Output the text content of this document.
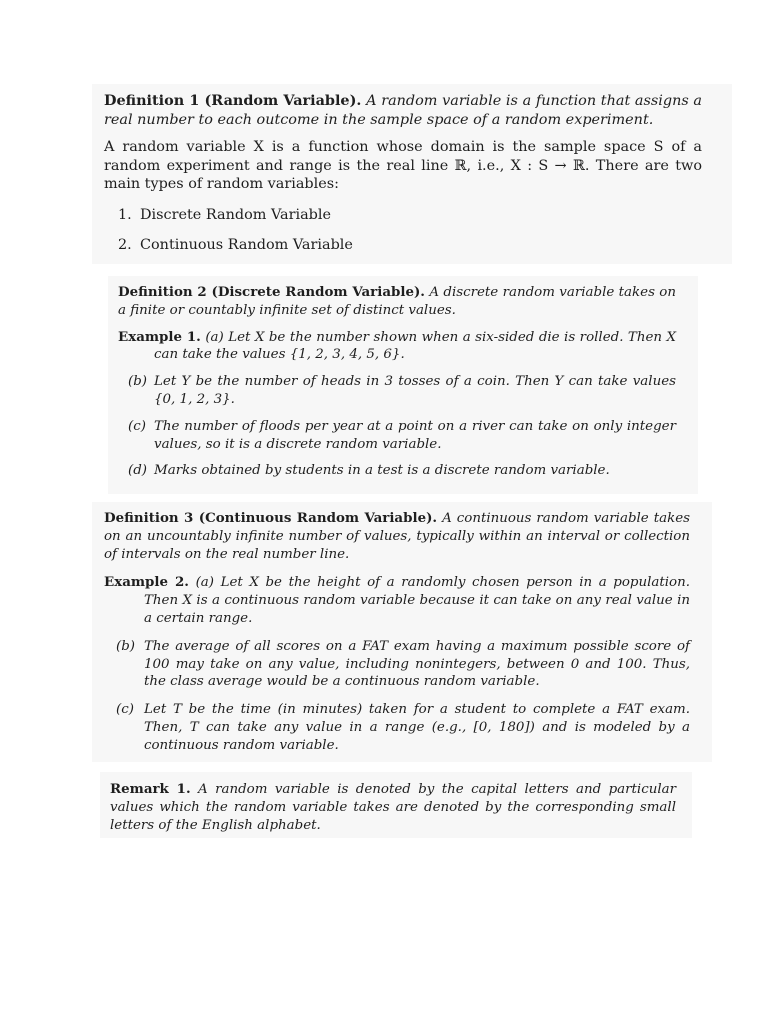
Definition 1 (Random Variable). A random variable is a function that assigns a real number to each outcome in the sample space of a random experiment.

A random variable X is a function whose domain is the sample space S of a random experiment and range is the real line ℝ, i.e., X : S → ℝ. There are two main types of random variables:

1. Discrete Random Variable
2. Continuous Random Variable

Definition 2 (Discrete Random Variable). A discrete random variable takes on a finite or countably infinite set of distinct values.

Example 1. (a) Let X be the number shown when a six-sided die is rolled. Then X can take the values {1, 2, 3, 4, 5, 6}.

(b) Let Y be the number of heads in 3 tosses of a coin. Then Y can take values {0, 1, 2, 3}.
(c) The number of floods per year at a point on a river can take on only integer values, so it is a discrete random variable.
(d) Marks obtained by students in a test is a discrete random variable.

Definition 3 (Continuous Random Variable). A continuous random variable takes on an uncountably infinite number of values, typically within an interval or collection of intervals on the real number line.

Example 2. (a) Let X be the height of a randomly chosen person in a population. Then X is a continuous random variable because it can take on any real value in a certain range.

(b) The average of all scores on a FAT exam having a maximum possible score of 100 may take on any value, including nonintegers, between 0 and 100. Thus, the class average would be a continuous random variable.
(c) Let T be the time (in minutes) taken for a student to complete a FAT exam. Then, T can take any value in a range (e.g., [0, 180]) and is modeled by a continuous random variable.

Remark 1. A random variable is denoted by the capital letters and particular values which the random variable takes are denoted by the corresponding small letters of the English alphabet.
